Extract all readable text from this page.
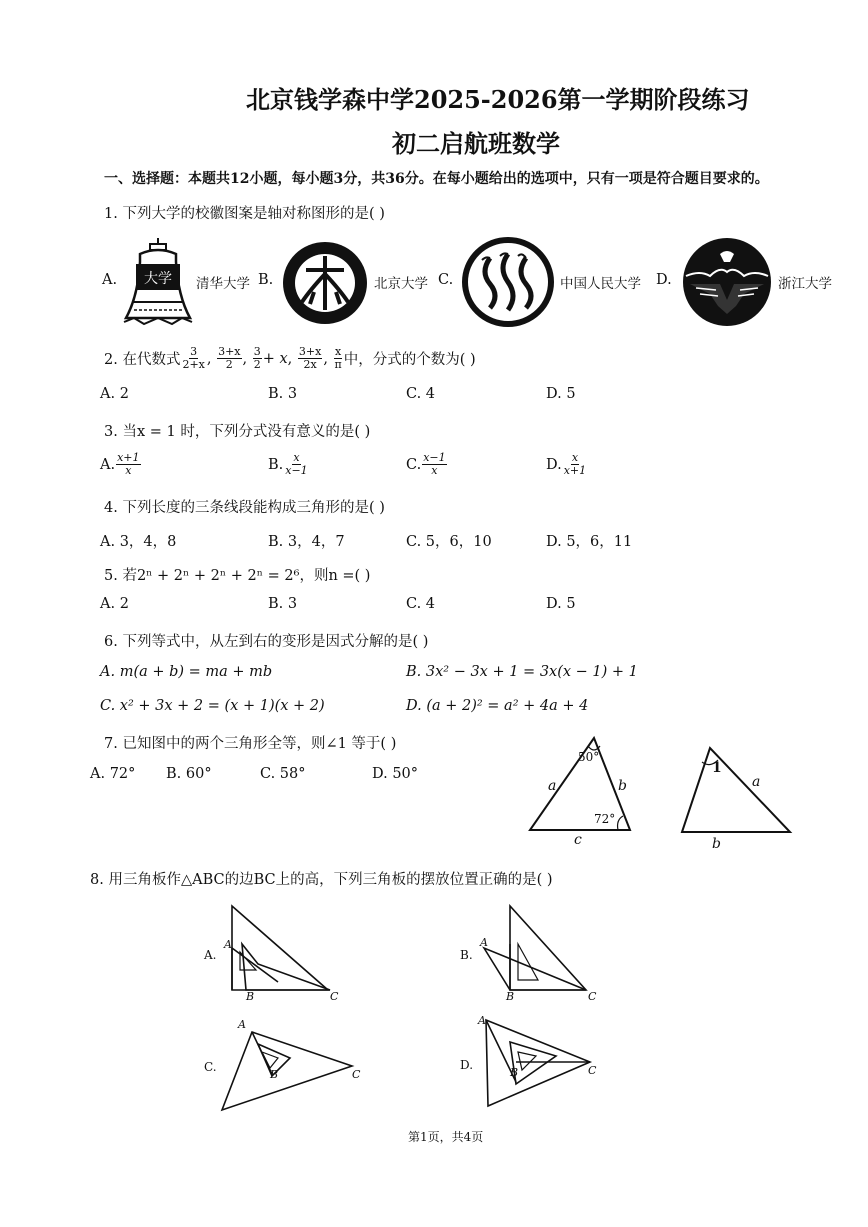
北京钱学森中学2025-2026第一学期阶段练习
初二启航班数学
一、选择题：本题共12小题，每小题3分，共36分。在每小题给出的选项中，只有一项是符合题目要求的。
1. 下列大学的校徽图案是轴对称图形的是( )
A. 大学 清华大学 B.	北京大学 C.	中国人民大学 D.	浙江大学
2. 在代数式 $\frac{3}{2+x}$ , $\frac{3+x}{2}$ , $\frac{3}{2} + x$ , $\frac{3+x}{2x}$ , $\frac{x}{\pi}$ 中，分式的个数为( )
A. 2	B. 3	C. 4	D. 5
3. 当x = 1 时，下列分式没有意义的是( )
A. $\frac{x+1}{x}$	B. $\frac{x}{x-1}$	C. $\frac{x-1}{x}$	D. $\frac{x}{x+1}$
4. 下列长度的三条线段能构成三角形的是( )
A. 3，4，8	B. 3，4，7	C. 5，6，10	D. 5，6，11
5. 若2ⁿ + 2ⁿ + 2ⁿ + 2ⁿ = 2⁶，则n =( )
A. 2	B. 3	C. 4	D. 5
6. 下列等式中，从左到右的变形是因式分解的是( )
A. m(a + b) = ma + mb	B. 3x² − 3x + 1 = 3x(x − 1) + 1
C. x² + 3x + 2 = (x + 1)(x + 2)	D. (a + 2)² = a² + 4a + 4
7. 已知图中的两个三角形全等，则∠1 等于( )
A. 72° B. 60°	C. 58°	D. 50°
a	b
c
50°
72°
1
a
b
8. 用三角板作△ABC的边BC上的高，下列三角板的摆放位置正确的是( )
A.
A
B	C
B.
A
B	C
C.
A
B	C
D.
A
B	C
第1页，共4页
